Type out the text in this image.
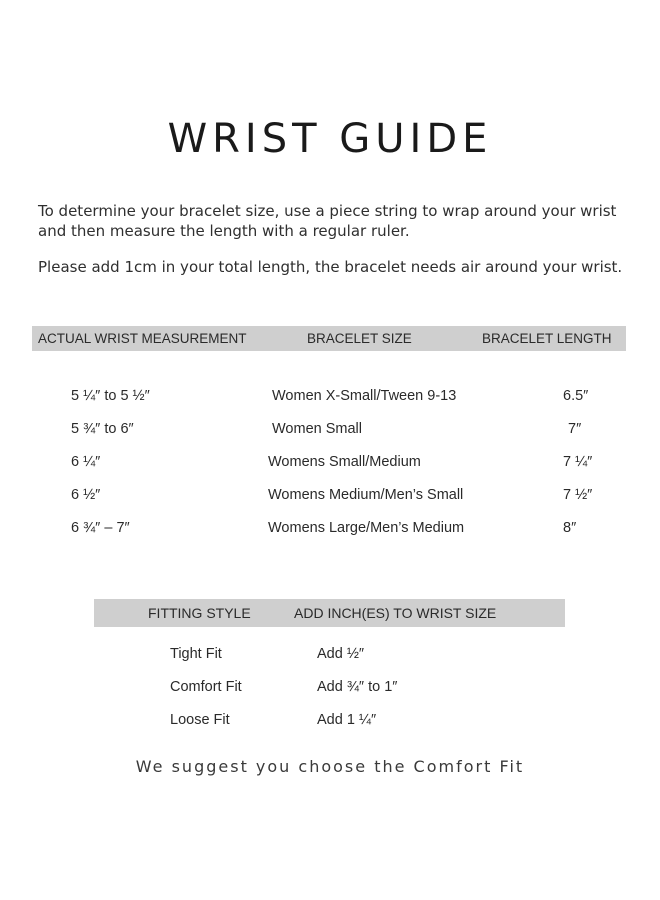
WRIST GUIDE

To determine your bracelet size, use a piece string to wrap around your wrist and then measure the length with a regular ruler.

Please add 1cm in your total length, the bracelet needs air around your wrist.

ACTUAL WRIST MEASUREMENT	BRACELET SIZE	BRACELET LENGTH
5 ¼″ to 5 ½″	Women X-Small/Tween 9-13	6.5″
5 ¾″ to 6″	Women Small	7″
6 ¼″	Womens Small/Medium	7 ¼″
6 ½″	Womens Medium/Men’s Small	7 ½″
6 ¾″ – 7″	Womens Large/Men’s Medium	8″
FITTING STYLE	ADD INCH(ES) TO WRIST SIZE
Tight Fit	Add ½″
Comfort Fit	Add ¾″ to 1″
Loose Fit	Add 1 ¼″
We suggest you choose the Comfort Fit
